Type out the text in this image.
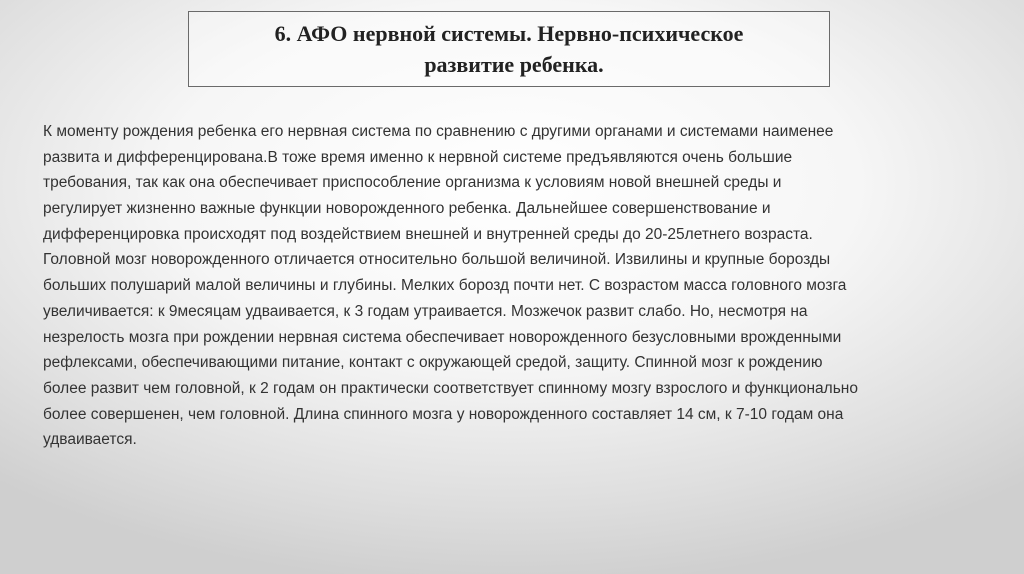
6. АФО нервной системы. Нервно-психическое
развитие ребенка.
К моменту рождения ребенка его нервная система по сравнению с другими органами и системами наименее
развита и дифференцирована.В тоже время именно к нервной системе предъявляются очень большие
требования, так как она обеспечивает приспособление организма к условиям новой внешней среды и
регулирует жизненно важные функции новорожденного ребенка. Дальнейшее совершенствование и
дифференцировка происходят под воздействием внешней и внутренней среды до 20-25летнего возраста.
Головной мозг новорожденного отличается относительно большой величиной. Извилины и крупные борозды
больших полушарий малой величины и глубины. Мелких борозд почти нет. С возрастом масса головного мозга
увеличивается: к 9месяцам удваивается, к 3 годам утраивается. Мозжечок развит слабо. Но, несмотря на
незрелость мозга при рождении нервная система обеспечивает новорожденного безусловными врожденными
рефлексами, обеспечивающими питание, контакт с окружающей средой, защиту. Спинной мозг к рождению
более развит чем головной, к 2 годам он практически соответствует спинному мозгу взрослого и функционально
более совершенен, чем головной. Длина спинного мозга у новорожденного составляет 14 см, к 7-10 годам она
удваивается.
